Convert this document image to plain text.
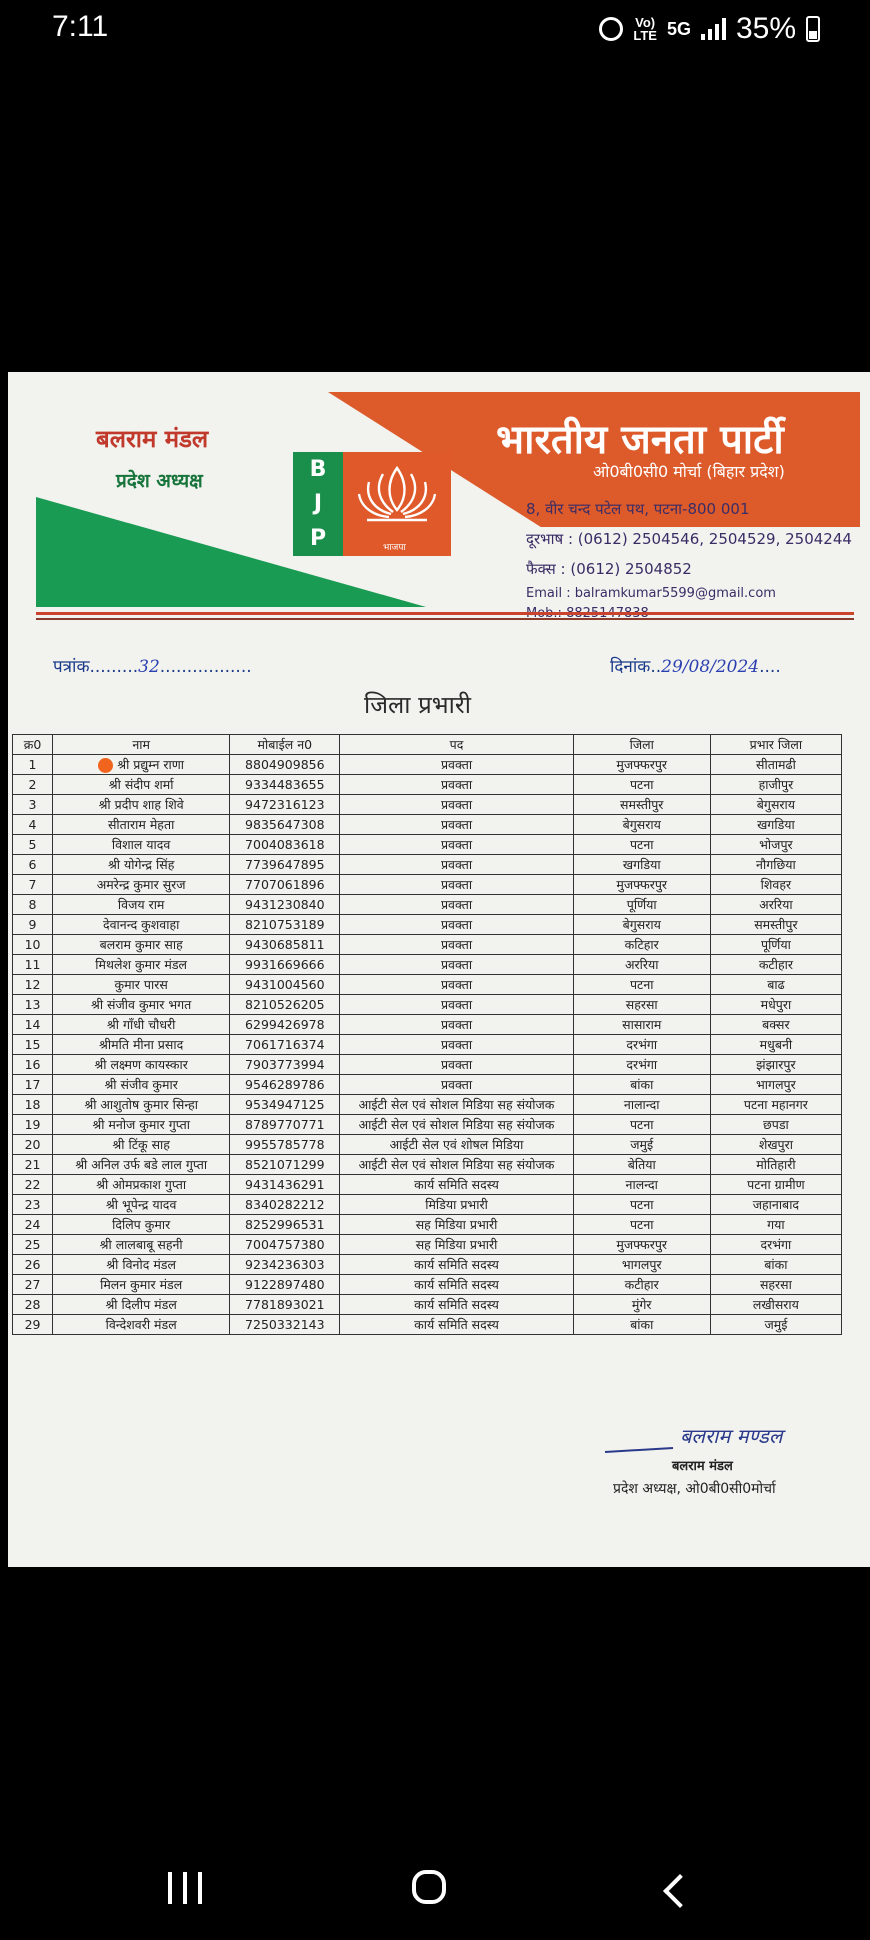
7:11	Vo)
LTE 5G 35%
बलराम मंडल
प्रदेश अध्यक्ष	B
J
P	भाजपा
भारतीय जनता पार्टी
ओ0बी0सी0 मोर्चा (बिहार प्रदेश)
8, वीर चन्द पटेल पथ, पटना-800 001
दूरभाष : (0612) 2504546, 2504529, 2504244
फैक्स : (0612) 2504852
Email : balramkumar5599@gmail.com
पत्रांक.........32.................	दिनांक..29/08/2024....
जिला प्रभारी
क्र0	नाम	मोबाईल न0	पद	जिला	प्रभार जिला
1	श्री प्रद्युम्न राणा	8804909856	प्रवक्ता	मुजफ्फरपुर	सीतामढी
2	श्री संदीप शर्मा	9334483655	प्रवक्ता	पटना	हाजीपुर
3	श्री प्रदीप शाह शिवे	9472316123	प्रवक्ता	समस्तीपुर	बेगुसराय
4	सीताराम मेहता	9835647308	प्रवक्ता	बेगुसराय	खगडिया
5	विशाल यादव	7004083618	प्रवक्ता	पटना	भोजपुर
6	श्री योगेन्द्र सिंह	7739647895	प्रवक्ता	खगडिया	नौगछिया
7	अमरेन्द्र कुमार सुरज	7707061896	प्रवक्ता	मुजफ्फरपुर	शिवहर
8	विजय राम	9431230840	प्रवक्ता	पूर्णिया	अररिया
9	देवानन्द कुशवाहा	8210753189	प्रवक्ता	बेगुसराय	समस्तीपुर
10	बलराम कुमार साह	9430685811	प्रवक्ता	कटिहार	पूर्णिया
11	मिथलेश कुमार मंडल	9931669666	प्रवक्ता	अररिया	कटीहार
12	कुमार पारस	9431004560	प्रवक्ता	पटना	बाढ
13	श्री संजीव कुमार भगत	8210526205	प्रवक्ता	सहरसा	मधेपुरा
14	श्री गाँधी चौधरी	6299426978	प्रवक्ता	सासाराम	बक्सर
15	श्रीमति मीना प्रसाद	7061716374	प्रवक्ता	दरभंगा	मधुबनी
16	श्री लक्ष्मण कायस्कार	7903773994	प्रवक्ता	दरभंगा	झंझारपुर
17	श्री संजीव कुमार	9546289786	प्रवक्ता	बांका	भागलपुर
18	श्री आशुतोष कुमार सिन्हा	9534947125	आईटी सेल एवं सोशल मिडिया सह संयोजक	नालान्दा	पटना महानगर
19	श्री मनोज कुमार गुप्ता	8789770771	आईटी सेल एवं सोशल मिडिया सह संयोजक	पटना	छपडा
20	श्री टिंकू साह	9955785778	आईटी सेल एवं शोषल मिडिया	जमुई	शेखपुरा
21	श्री अनिल उर्फ बडे लाल गुप्ता	8521071299	आईटी सेल एवं सोशल मिडिया सह संयोजक	बेतिया	मोतिहारी
22	श्री ओमप्रकाश गुप्ता	9431436291	कार्य समिति सदस्य	नालन्दा	पटना ग्रामीण
23	श्री भूपेन्द्र यादव	8340282212	मिडिया प्रभारी	पटना	जहानाबाद
24	दिलिप कुमार	8252996531	सह मिडिया प्रभारी	पटना	गया
25	श्री लालबाबू सहनी	7004757380	सह मिडिया प्रभारी	मुजफ्फरपुर	दरभंगा
26	श्री विनोद मंडल	9234236303	कार्य समिति सदस्य	भागलपुर	बांका
27	मिलन कुमार मंडल	9122897480	कार्य समिति सदस्य	कटीहार	सहरसा
28	श्री दिलीप मंडल	7781893021	कार्य समिति सदस्य	मुंगेर	लखीसराय
29	विन्देशवरी मंडल	7250332143	कार्य समिति सदस्य	बांका	जमुई
बलराम मण्डल
बलराम मंडल
प्रदेश अध्यक्ष, ओ0बी0सी0मोर्चा
